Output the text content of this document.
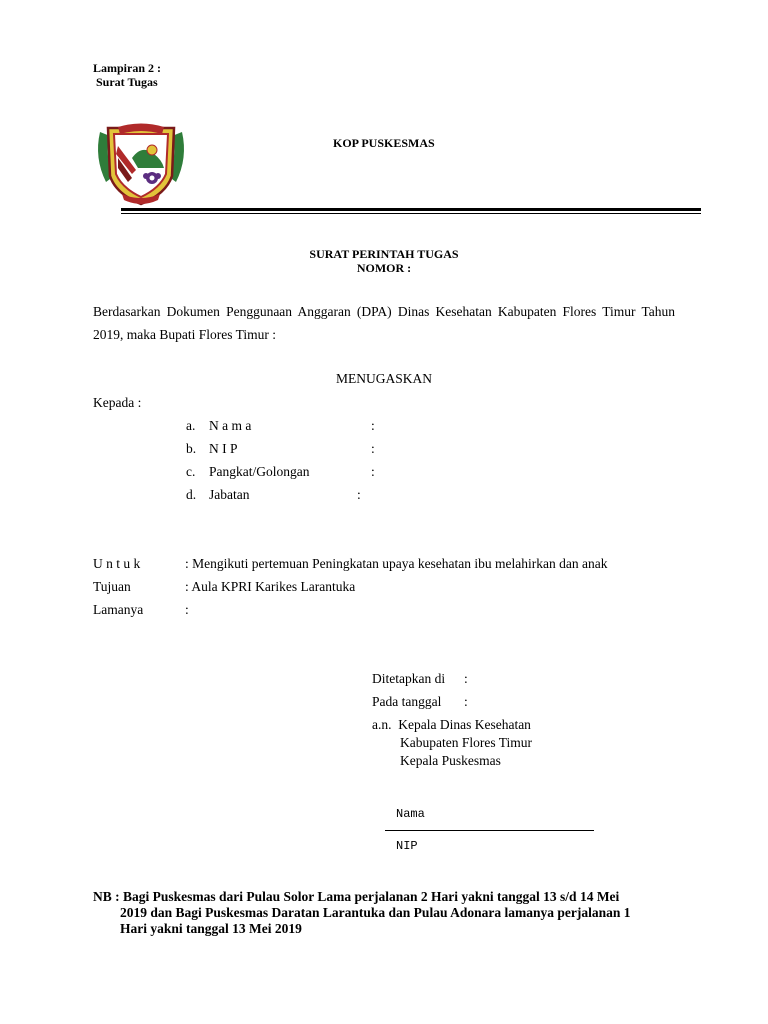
Lampiran 2 :
Surat Tugas
KOP PUSKESMAS
SURAT PERINTAH TUGAS
NOMOR :
Berdasarkan Dokumen Penggunaan Anggaran (DPA) Dinas Kesehatan Kabupaten Flores Timur Tahun 2019, maka Bupati Flores Timur :
MENUGASKAN
Kepada :
a. N a m a	:
b. N I P	:
c. Pangkat/Golongan	:
d. Jabatan	:
U n t u k	: Mengikuti pertemuan Peningkatan upaya kesehatan ibu melahirkan dan anak
Tujuan	: Aula KPRI Karikes Larantuka
Lamanya	:
Ditetapkan di :
Pada tanggal :
a.n.  Kepala Dinas Kesehatan
Kabupaten Flores Timur
Kepala Puskesmas
Nama
NIP
NB : Bagi Puskesmas dari Pulau Solor Lama perjalanan 2 Hari yakni tanggal 13 s/d 14 Mei
2019 dan Bagi Puskesmas Daratan Larantuka dan Pulau Adonara lamanya perjalanan 1
Hari yakni tanggal 13 Mei 2019
